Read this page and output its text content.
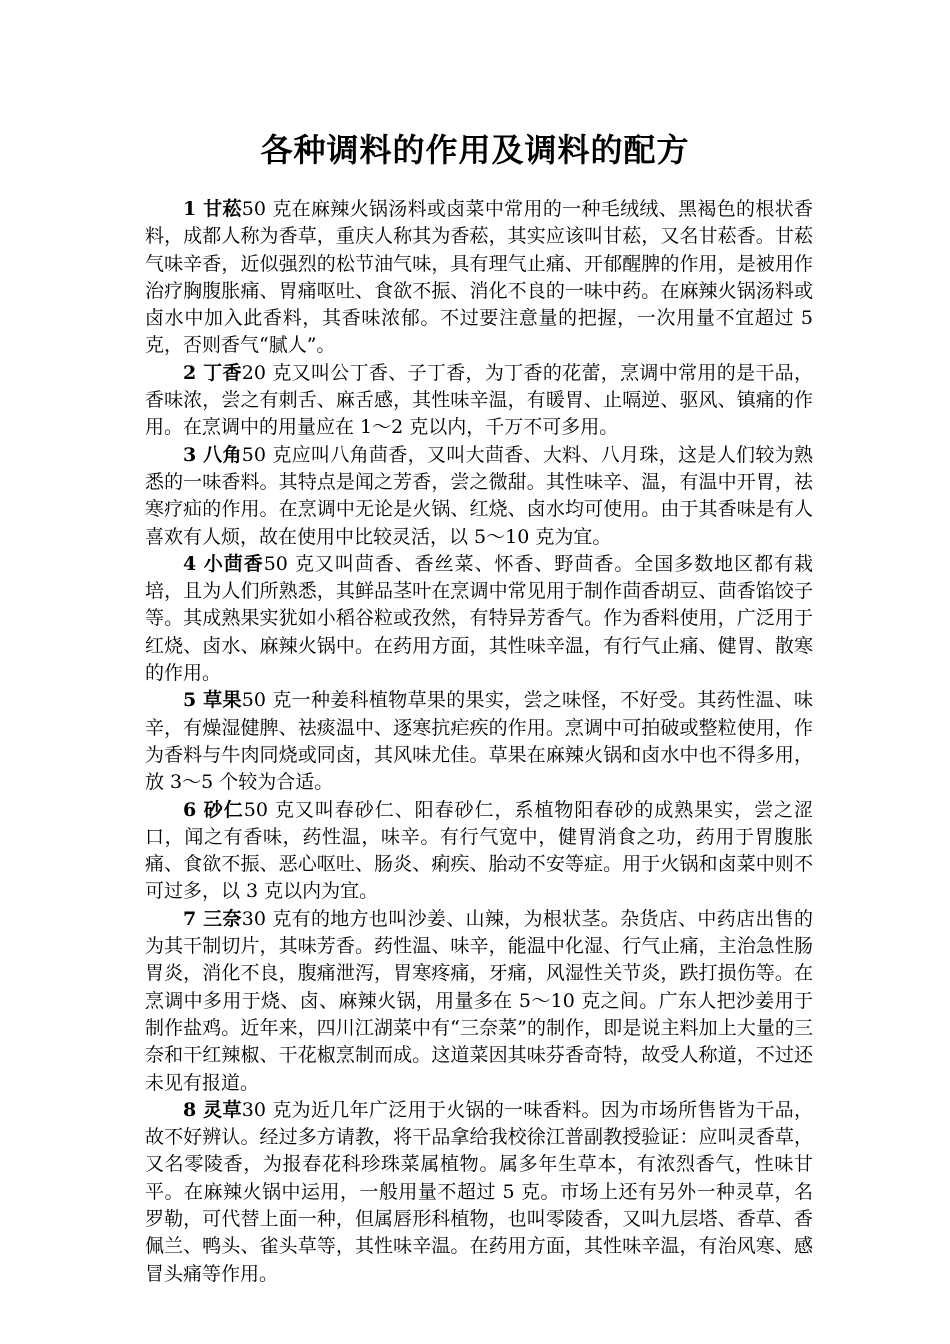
各种调料的作用及调料的配方

1 甘菘50 克在麻辣火锅汤料或卤菜中常用的一种毛绒绒、黑褐色的根状香料，成都人称为香草，重庆人称其为香菘，其实应该叫甘菘，又名甘菘香。甘菘气味辛香，近似强烈的松节油气味，具有理气止痛、开郁醒脾的作用，是被用作治疗胸腹胀痛、胃痛呕吐、食欲不振、消化不良的一味中药。在麻辣火锅汤料或卤水中加入此香料，其香味浓郁。不过要注意量的把握，一次用量不宜超过 5 克，否则香气“腻人”。

2 丁香20 克又叫公丁香、子丁香，为丁香的花蕾，烹调中常用的是干品，香味浓，尝之有刺舌、麻舌感，其性味辛温，有暖胃、止嗝逆、驱风、镇痛的作用。在烹调中的用量应在 1～2 克以内，千万不可多用。

3 八角50 克应叫八角茴香，又叫大茴香、大料、八月珠，这是人们较为熟悉的一味香料。其特点是闻之芳香，尝之微甜。其性味辛、温，有温中开胃，祛寒疗疝的作用。在烹调中无论是火锅、红烧、卤水均可使用。由于其香味是有人喜欢有人烦，故在使用中比较灵活，以 5～10 克为宜。

4 小茴香50 克又叫茴香、香丝菜、怀香、野茴香。全国多数地区都有栽培，且为人们所熟悉，其鲜品茎叶在烹调中常见用于制作茴香胡豆、茴香馅饺子等。其成熟果实犹如小稻谷粒或孜然，有特异芳香气。作为香料使用，广泛用于红烧、卤水、麻辣火锅中。在药用方面，其性味辛温，有行气止痛、健胃、散寒的作用。

5 草果50 克一种姜科植物草果的果实，尝之味怪，不好受。其药性温、味辛，有燥湿健脾、祛痰温中、逐寒抗疟疾的作用。烹调中可拍破或整粒使用，作为香料与牛肉同烧或同卤，其风味尤佳。草果在麻辣火锅和卤水中也不得多用，放 3～5 个较为合适。

6 砂仁50 克又叫春砂仁、阳春砂仁，系植物阳春砂的成熟果实，尝之涩口，闻之有香味，药性温，味辛。有行气宽中，健胃消食之功，药用于胃腹胀痛、食欲不振、恶心呕吐、肠炎、痢疾、胎动不安等症。用于火锅和卤菜中则不可过多，以 3 克以内为宜。

7 三奈30 克有的地方也叫沙姜、山辣，为根状茎。杂货店、中药店出售的为其干制切片，其味芳香。药性温、味辛，能温中化湿、行气止痛，主治急性肠胃炎，消化不良，腹痛泄泻，胃寒疼痛，牙痛，风湿性关节炎，跌打损伤等。在烹调中多用于烧、卤、麻辣火锅，用量多在 5～10 克之间。广东人把沙姜用于制作盐鸡。近年来，四川江湖菜中有“三奈菜”的制作，即是说主料加上大量的三奈和干红辣椒、干花椒烹制而成。这道菜因其味芬香奇特，故受人称道，不过还未见有报道。

8 灵草30 克为近几年广泛用于火锅的一味香料。因为市场所售皆为干品，故不好辨认。经过多方请教，将干品拿给我校徐江普副教授验证：应叫灵香草，又名零陵香，为报春花科珍珠菜属植物。属多年生草本，有浓烈香气，性味甘平。在麻辣火锅中运用，一般用量不超过 5 克。市场上还有另外一种灵草，名罗勒，可代替上面一种，但属唇形科植物，也叫零陵香，又叫九层塔、香草、香佩兰、鸭头、雀头草等，其性味辛温。在药用方面，其性味辛温，有治风寒、感冒头痛等作用。
